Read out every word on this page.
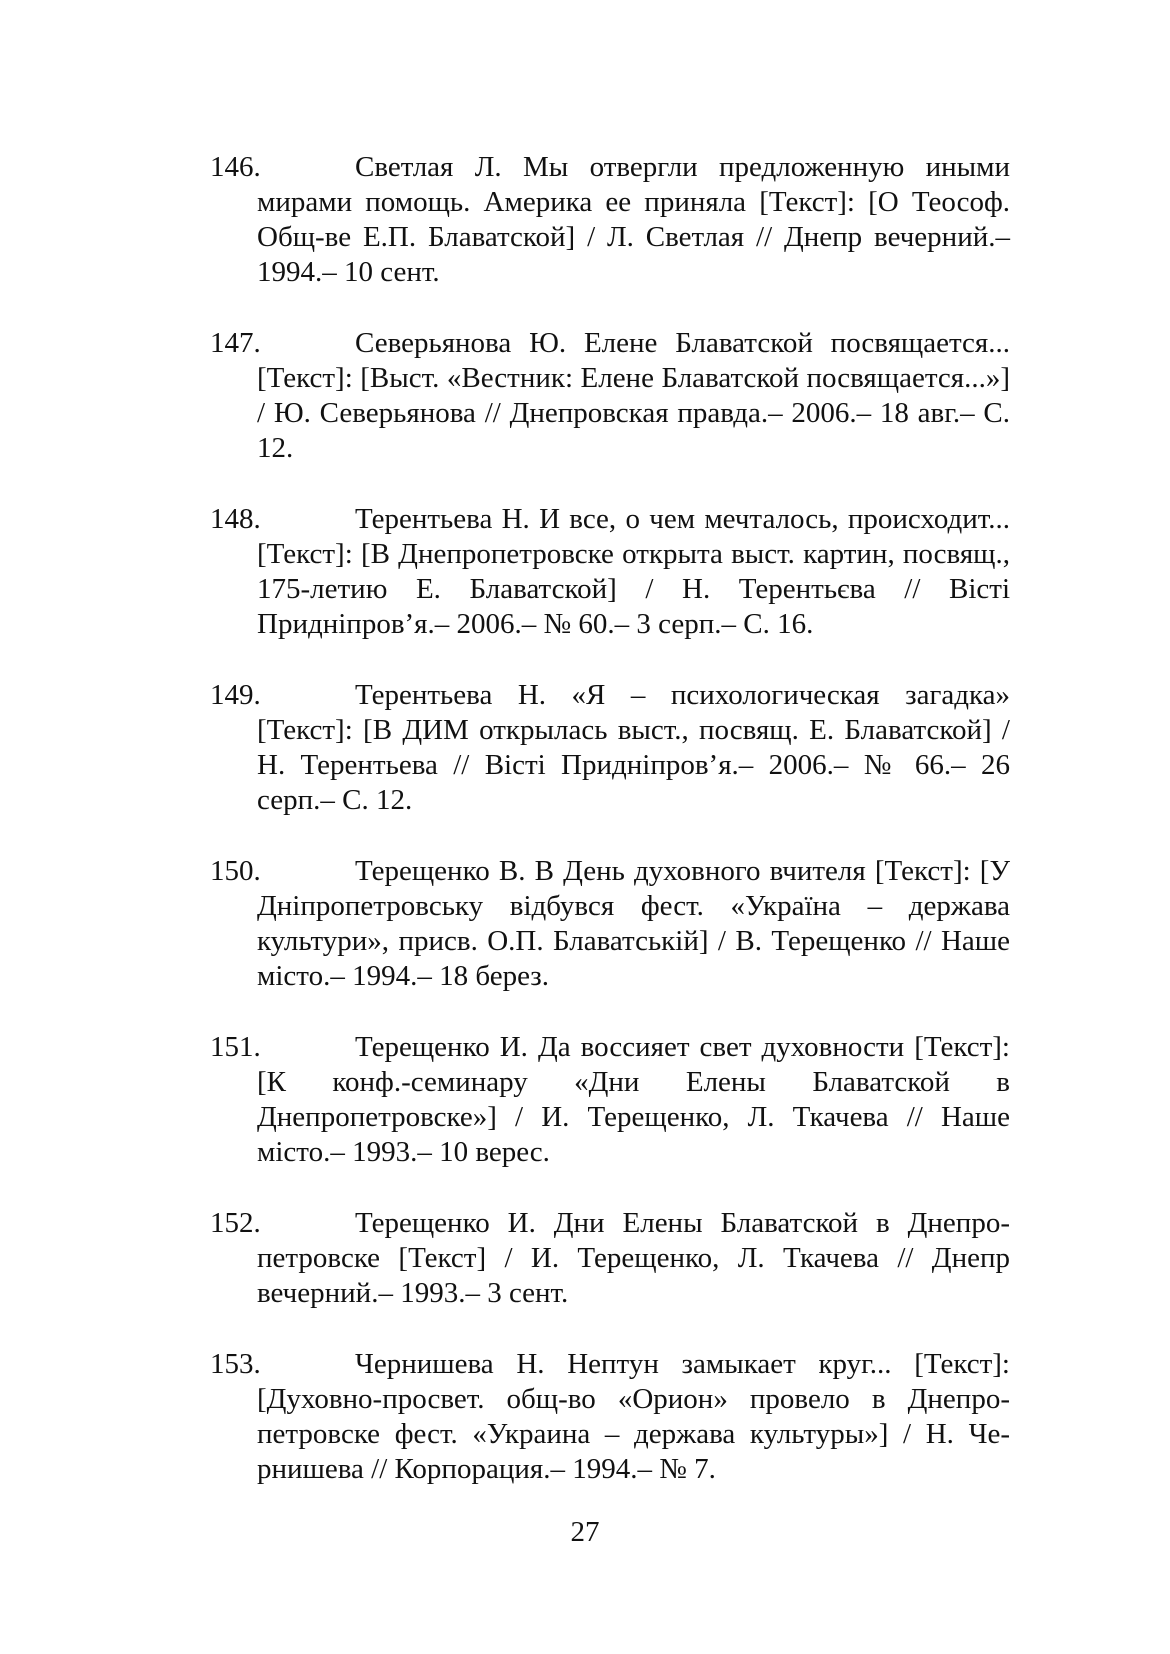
146.	Светлая Л. Мы отвергли предложенную иными мирами помощь. Америка ее приняла [Текст]: [О Теософ. Общ-ве Е.П. Блаватской] / Л. Светлая // Днепр вечерний.– 1994.– 10 сент.
147.	Северьянова Ю. Елене Блаватской посвящается... [Текст]: [Выст. «Вестник: Елене Блаватской посвящается...»] / Ю. Северьянова // Днепровская правда.– 2006.– 18 авг.– С. 12.
148.	Терентьева Н. И все, о чем мечталось, происходит... [Текст]: [В Днепропетровске открыта выст. картин, посвящ., 175-летию Е. Блаватской] / Н. Терентьєва // Вісті Придніпров’я.– 2006.– № 60.– 3 серп.– С. 16.
149.	Терентьева Н. «Я – психологическая загадка» [Текст]: [В ДИМ открылась выст., посвящ. Е. Блаватской] / Н. Терентьева // Вісті Придніпров’я.– 2006.– № 66.– 26 серп.– С. 12.
150.	Терещенко В. В День духовного вчителя [Текст]: [У Дніпропетровську відбувся фест. «Україна – держава культури», присв. О.П. Блаватській] / В. Терещенко // Наше місто.– 1994.– 18 берез.
151.	Терещенко И. Да воссияет свет духовности [Текст]: [К конф.-семинару «Дни Елены Блаватской в Днепропетровске»] / И. Терещенко, Л. Ткачева // Наше місто.– 1993.– 10 верес.
152.	Терещенко И. Дни Елены Блаватской в Днепропетровске [Текст] / И. Терещенко, Л. Ткачева // Днепр вечерний.– 1993.– 3 сент.
153.	Чернишева Н. Нептун замыкает круг... [Текст]: [Духовно-просвет. общ-во «Орион» провело в Днепропетровске фест. «Украина – держава культуры»] / Н. Чернишева // Корпорация.– 1994.– № 7.
27
